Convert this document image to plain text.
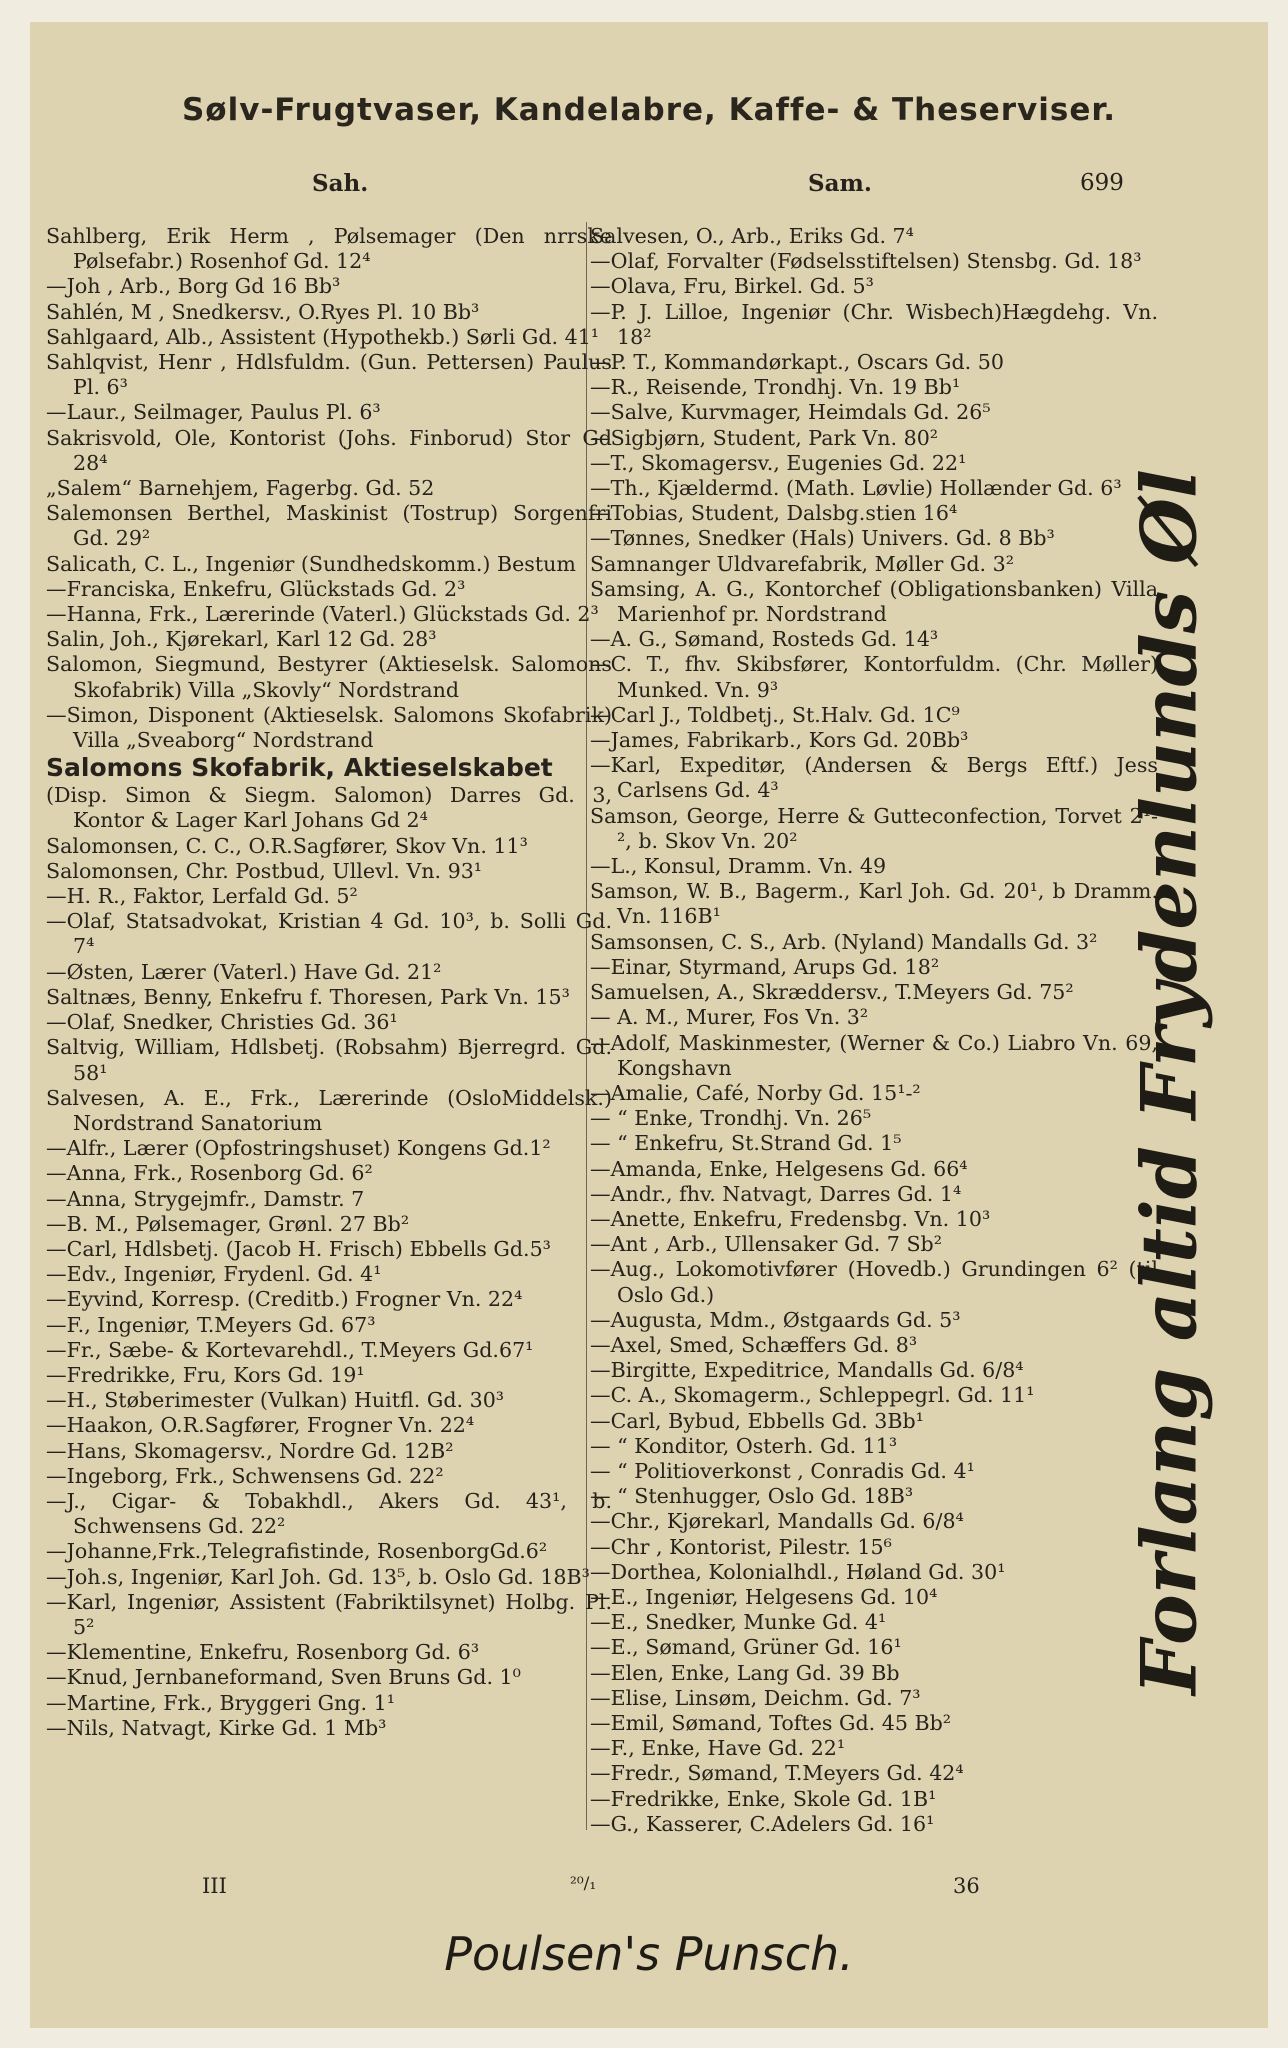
Sølv-Frugtvaser, Kandelabre, Kaffe- & Theserviser.
Sah.	Sam.	699
Sahlberg, Erik Herm , Pølsemager (Den nrrske Pølsefabr.) Rosenhof Gd. 12⁴
—Joh , Arb., Borg Gd 16 Bb³
Sahlén, M , Snedkersv., O.Ryes Pl. 10 Bb³
Sahlgaard, Alb., Assistent (Hypothekb.) Sørli Gd. 41¹
Sahlqvist, Henr , Hdlsfuldm. (Gun. Pettersen) Paulus Pl. 6³
—Laur., Seilmager, Paulus Pl. 6³
Sakrisvold, Ole, Kontorist (Johs. Finborud) Stor Gd 28⁴
„Salem“ Barnehjem, Fagerbg. Gd. 52
Salemonsen Berthel, Maskinist (Tostrup) Sorgenfri Gd. 29²
Salicath, C. L., Ingeniør (Sundhedskomm.) Bestum
—Franciska, Enkefru, Glückstads Gd. 2³
—Hanna, Frk., Lærerinde (Vaterl.) Glückstads Gd. 2³
Salin, Joh., Kjørekarl, Karl 12 Gd. 28³
Salomon, Siegmund, Bestyrer (Aktieselsk. Salomons Skofabrik) Villa „Skovly“ Nordstrand
—Simon, Disponent (Aktieselsk. Salomons Skofabrik) Villa „Sveaborg“ Nordstrand
Salomons Skofabrik, Aktieselskabet
(Disp. Simon & Siegm. Salomon) Darres Gd. 3, Kontor & Lager Karl Johans Gd 2⁴
Salomonsen, C. C., O.R.Sagfører, Skov Vn. 11³
Salomonsen, Chr. Postbud, Ullevl. Vn. 93¹
—H. R., Faktor, Lerfald Gd. 5²
—Olaf, Statsadvokat, Kristian 4 Gd. 10³, b. Solli Gd. 7⁴
—Østen, Lærer (Vaterl.) Have Gd. 21²
Saltnæs, Benny, Enkefru f. Thoresen, Park Vn. 15³
—Olaf, Snedker, Christies Gd. 36¹
Saltvig, William, Hdlsbetj. (Robsahm) Bjerregrd. Gd. 58¹
Salvesen, A. E., Frk., Lærerinde (OsloMiddelsk.) Nordstrand Sanatorium
—Alfr., Lærer (Opfostringshuset) Kongens Gd.1²
—Anna, Frk., Rosenborg Gd. 6²
—Anna, Strygejmfr., Damstr. 7
—B. M., Pølsemager, Grønl. 27 Bb²
—Carl, Hdlsbetj. (Jacob H. Frisch) Ebbells Gd.5³
—Edv., Ingeniør, Frydenl. Gd. 4¹
—Eyvind, Korresp. (Creditb.) Frogner Vn. 22⁴
—F., Ingeniør, T.Meyers Gd. 67³
—Fr., Sæbe- & Kortevarehdl., T.Meyers Gd.67¹
—Fredrikke, Fru, Kors Gd. 19¹
—H., Støberimester (Vulkan) Huitfl. Gd. 30³
—Haakon, O.R.Sagfører, Frogner Vn. 22⁴
—Hans, Skomagersv., Nordre Gd. 12B²
—Ingeborg, Frk., Schwensens Gd. 22²
—J., Cigar- & Tobakhdl., Akers Gd. 43¹, b. Schwensens Gd. 22²
—Johanne,Frk.,Telegrafistinde, RosenborgGd.6²
—Joh.s, Ingeniør, Karl Joh. Gd. 13⁵, b. Oslo Gd. 18B³
—Karl, Ingeniør, Assistent (Fabriktilsynet) Holbg. Pl. 5²
—Klementine, Enkefru, Rosenborg Gd. 6³
—Knud, Jernbaneformand, Sven Bruns Gd. 1⁰
—Martine, Frk., Bryggeri Gng. 1¹
—Nils, Natvagt, Kirke Gd. 1 Mb³
Salvesen, O., Arb., Eriks Gd. 7⁴
—Olaf, Forvalter (Fødselsstiftelsen) Stensbg. Gd. 18³
—Olava, Fru, Birkel. Gd. 5³
—P. J. Lilloe, Ingeniør (Chr. Wisbech)Hægdehg. Vn. 18²
—P. T., Kommandørkapt., Oscars Gd. 50
—R., Reisende, Trondhj. Vn. 19 Bb¹
—Salve, Kurvmager, Heimdals Gd. 26⁵
—Sigbjørn, Student, Park Vn. 80²
—T., Skomagersv., Eugenies Gd. 22¹
—Th., Kjældermd. (Math. Løvlie) Hollænder Gd. 6³
—Tobias, Student, Dalsbg.stien 16⁴
—Tønnes, Snedker (Hals) Univers. Gd. 8 Bb³
Samnanger Uldvarefabrik, Møller Gd. 3²
Samsing, A. G., Kontorchef (Obligationsbanken) Villa Marienhof pr. Nordstrand
—A. G., Sømand, Rosteds Gd. 14³
—C. T., fhv. Skibsfører, Kontorfuldm. (Chr. Møller) Munked. Vn. 9³
—Carl J., Toldbetj., St.Halv. Gd. 1C⁹
—James, Fabrikarb., Kors Gd. 20Bb³
—Karl, Expeditør, (Andersen & Bergs Eftf.) Jess Carlsens Gd. 4³
Samson, George, Herre & Gutteconfection, Torvet 2¹-², b. Skov Vn. 20²
—L., Konsul, Dramm. Vn. 49
Samson, W. B., Bagerm., Karl Joh. Gd. 20¹, b Dramm. Vn. 116B¹
Samsonsen, C. S., Arb. (Nyland) Mandalls Gd. 3²
—Einar, Styrmand, Arups Gd. 18²
Samuelsen, A., Skræddersv., T.Meyers Gd. 75²
— A. M., Murer, Fos Vn. 3²
—Adolf, Maskinmester, (Werner & Co.) Liabro Vn. 69, Kongshavn
—Amalie, Café, Norby Gd. 15¹-²
— “ Enke, Trondhj. Vn. 26⁵
— “ Enkefru, St.Strand Gd. 1⁵
—Amanda, Enke, Helgesens Gd. 66⁴
—Andr., fhv. Natvagt, Darres Gd. 1⁴
—Anette, Enkefru, Fredensbg. Vn. 10³
—Ant , Arb., Ullensaker Gd. 7 Sb²
—Aug., Lokomotivfører (Hovedb.) Grundingen 6² (til Oslo Gd.)
—Augusta, Mdm., Østgaards Gd. 5³
—Axel, Smed, Schæffers Gd. 8³
—Birgitte, Expeditrice, Mandalls Gd. 6/8⁴
—C. A., Skomagerm., Schleppegrl. Gd. 11¹
—Carl, Bybud, Ebbells Gd. 3Bb¹
— “ Konditor, Osterh. Gd. 11³
— “ Politioverkonst , Conradis Gd. 4¹
— “ Stenhugger, Oslo Gd. 18B³
—Chr., Kjørekarl, Mandalls Gd. 6/8⁴
—Chr , Kontorist, Pilestr. 15⁶
—Dorthea, Kolonialhdl., Høland Gd. 30¹
—E., Ingeniør, Helgesens Gd. 10⁴
—E., Snedker, Munke Gd. 4¹
—E., Sømand, Grüner Gd. 16¹
—Elen, Enke, Lang Gd. 39 Bb
—Elise, Linsøm, Deichm. Gd. 7³
—Emil, Sømand, Toftes Gd. 45 Bb²
—F., Enke, Have Gd. 22¹
—Fredr., Sømand, T.Meyers Gd. 42⁴
—Fredrikke, Enke, Skole Gd. 1B¹
—G., Kasserer, C.Adelers Gd. 16¹
Forlang altid Frydenlunds Øl
III	²⁰/₁	36
Poulsen's Punsch.
